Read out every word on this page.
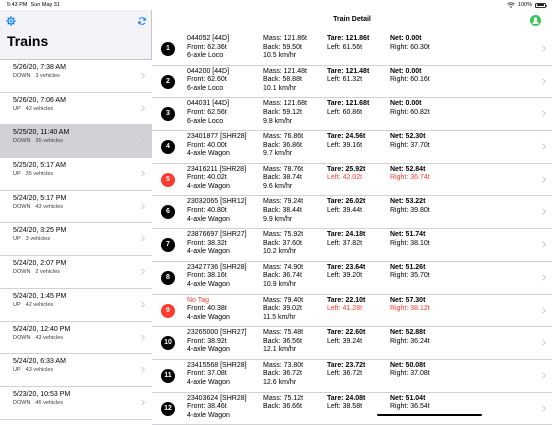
5:43 PM Sun May 31	100%
Trains
5/26/20, 7:38 AM
DOWN 3 vehicles
5/26/20, 7:06 AM
UP 42 vehicles
5/25/20, 11:40 AM
DOWN 35 vehicles
5/25/20, 5:17 AM
UP 35 vehicles
5/24/20, 5:17 PM
DOWN 43 vehicles
5/24/20, 3:25 PM
UP 3 vehicles
5/24/20, 2:07 PM
DOWN 2 vehicles
5/24/20, 1:45 PM
UP 42 vehicles
5/24/20, 12:40 PM
DOWN 43 vehicles
5/24/20, 6:33 AM
UP 43 vehicles
5/23/20, 10:53 PM
DOWN 46 vehicles
Train Detail
1
044052 [44D]
Front: 62.36t
6-axle Loco
Mass: 121.86t
Back: 59.50t
10.5 km/hr
Tare: 121.86t
Left: 61.56t
Net: 0.00t
Right: 60.30t
2
044200 [44D]
Front: 62.60t
6-axle Loco
Mass: 121.48t
Back: 58.88t
10.1 km/hr
Tare: 121.48t
Left: 61.32t
Net: 0.00t
Right: 60.16t
3
044031 [44D]
Front: 62.56t
6-axle Loco
Mass: 121.68t
Back: 59.12t
9.8 km/hr
Tare: 121.68t
Left: 60.86t
Net: 0.00t
Right: 60.82t
4
23401877 [SHR28]
Front: 40.00t
4-axle Wagon
Mass: 76.86t
Back: 36.86t
9.7 km/hr
Tare: 24.56t
Left: 39.16t
Net: 52.30t
Right: 37.70t
5
23416211 [SHR28]
Front: 40.02t
4-axle Wagon
Mass: 78.76t
Back: 38.74t
9.6 km/hr
Tare: 25.92t
Left: 42.02t
Net: 52.84t
Right: 36.74t
6
23032065 [SHR12]
Front: 40.80t
4-axle Wagon
Mass: 79.24t
Back: 38.44t
9.9 km/hr
Tare: 26.02t
Left: 39.44t
Net: 53.22t
Right: 39.80t
7
23876697 [SHR27]
Front: 38.32t
4-axle Wagon
Mass: 75.92t
Back: 37.60t
10.2 km/hr
Tare: 24.18t
Left: 37.82t
Net: 51.74t
Right: 38.10t
8
23427736 [SHR28]
Front: 38.16t
4-axle Wagon
Mass: 74.90t
Back: 36.74t
10.9 km/hr
Tare: 23.64t
Left: 39.20t
Net: 51.26t
Right: 35.70t
9
No Tag
Front: 40.38t
4-axle Wagon
Mass: 79.40t
Back: 39.02t
11.5 km/hr
Tare: 22.10t
Left: 41.28t
Net: 57.30t
Right: 38.12t
10
23265000 [SHR27]
Front: 38.92t
4-axle Wagon
Mass: 75.48t
Back: 36.56t
12.1 km/hr
Tare: 22.60t
Left: 39.24t
Net: 52.88t
Right: 36.24t
11
23415568 [SHR28]
Front: 37.08t
4-axle Wagon
Mass: 73.80t
Back: 36.72t
12.6 km/hr
Tare: 23.72t
Left: 36.72t
Net: 50.08t
Right: 37.08t
12
23403624 [SHR28]
Front: 38.46t
4-axle Wagon
Mass: 75.12t
Back: 36.66t
Tare: 24.08t
Left: 38.58t
Net: 51.04t
Right: 36.54t
